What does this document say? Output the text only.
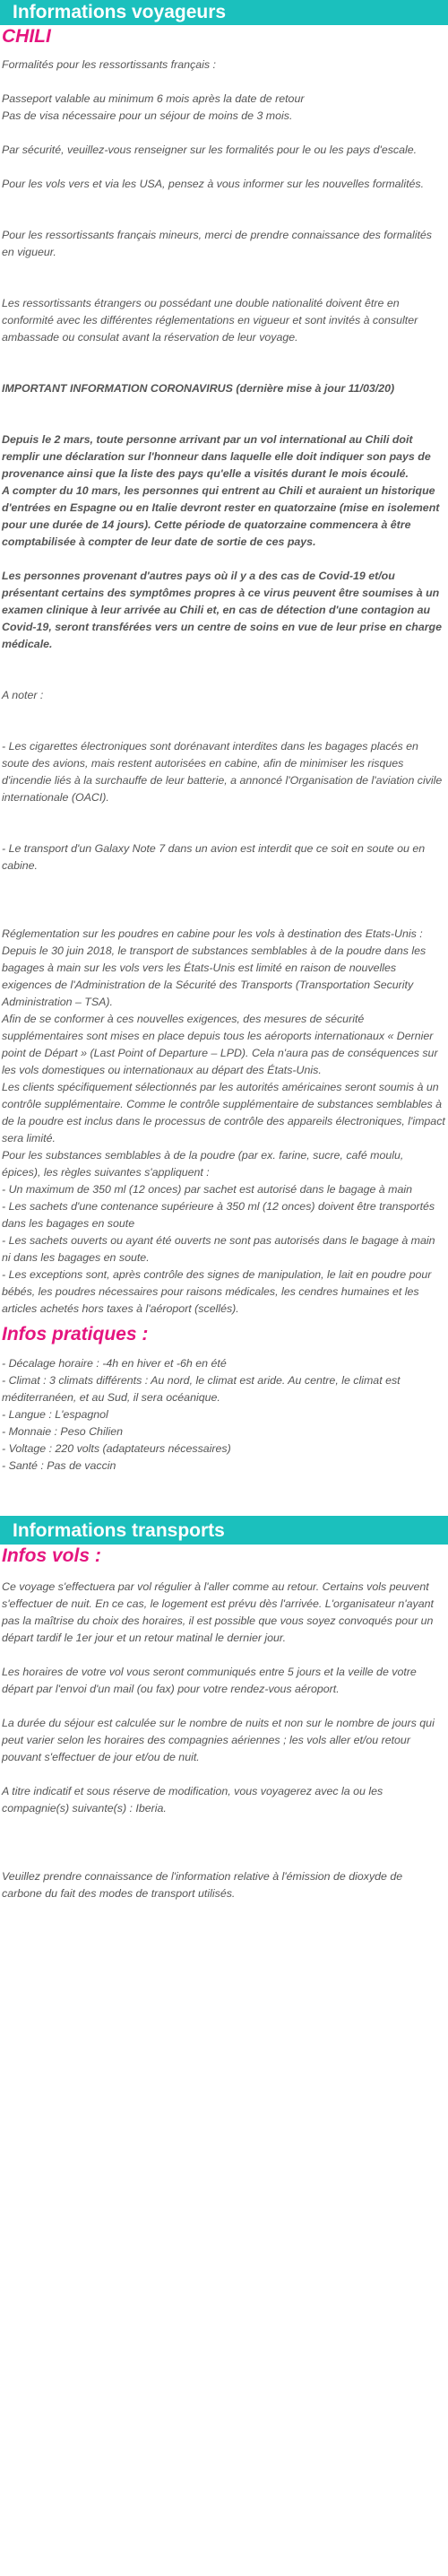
Informations voyageurs
CHILI

Formalités pour les ressortissants français :

Passeport valable au minimum 6 mois après la date de retour

Pas de visa nécessaire pour un séjour de moins de 3 mois.

Par sécurité, veuillez-vous renseigner sur les formalités pour le ou les pays d'escale.

Pour les vols vers et via les USA, pensez à vous informer sur les nouvelles formalités.

Pour les ressortissants français mineurs, merci de prendre connaissance des formalités en vigueur.

Les ressortissants étrangers ou possédant une double nationalité doivent être en conformité avec les différentes réglementations en vigueur et sont invités à consulter ambassade ou consulat avant la réservation de leur voyage.

IMPORTANT INFORMATION CORONAVIRUS (dernière mise à jour 11/03/20)

Depuis le 2 mars, toute personne arrivant par un vol international au Chili doit remplir une déclaration sur l'honneur dans laquelle elle doit indiquer son pays de provenance ainsi que la liste des pays qu'elle a visités durant le mois écoulé.

A compter du 10 mars, les personnes qui entrent au Chili et auraient un historique d'entrées en Espagne ou en Italie devront rester en quatorzaine (mise en isolement pour une durée de 14 jours). Cette période de quatorzaine commencera à être comptabilisée à compter de leur date de sortie de ces pays.

Les personnes provenant d'autres pays où il y a des cas de Covid-19 et/ou présentant certains des symptômes propres à ce virus peuvent être soumises à un examen clinique à leur arrivée au Chili et, en cas de détection d'une contagion au Covid-19, seront transférées vers un centre de soins en vue de leur prise en charge médicale.

A noter :

- Les cigarettes électroniques sont dorénavant interdites dans les bagages placés en soute des avions, mais restent autorisées en cabine, afin de minimiser les risques d'incendie liés à la surchauffe de leur batterie, a annoncé l'Organisation de l'aviation civile internationale (OACI).

- Le transport d'un Galaxy Note 7 dans un avion est interdit que ce soit en soute ou en cabine.

Réglementation sur les poudres en cabine pour les vols à destination des Etats-Unis :

Depuis le 30 juin 2018, le transport de substances semblables à de la poudre dans les bagages à main sur les vols vers les États-Unis est limité en raison de nouvelles exigences de l'Administration de la Sécurité des Transports (Transportation Security Administration – TSA).

Afin de se conformer à ces nouvelles exigences, des mesures de sécurité supplémentaires sont mises en place depuis tous les aéroports internationaux « Dernier point de Départ » (Last Point of Departure – LPD). Cela n'aura pas de conséquences sur les vols domestiques ou internationaux au départ des États-Unis.

Les clients spécifiquement sélectionnés par les autorités américaines seront soumis à un contrôle supplémentaire. Comme le contrôle supplémentaire de substances semblables à de la poudre est inclus dans le processus de contrôle des appareils électroniques, l'impact sera limité.

Pour les substances semblables à de la poudre (par ex. farine, sucre, café moulu, épices), les règles suivantes s'appliquent :

- Un maximum de 350 ml (12 onces) par sachet est autorisé dans le bagage à main

- Les sachets d'une contenance supérieure à 350 ml (12 onces) doivent être transportés dans les bagages en soute

- Les sachets ouverts ou ayant été ouverts ne sont pas autorisés dans le bagage à main ni dans les bagages en soute.

- Les exceptions sont, après contrôle des signes de manipulation, le lait en poudre pour bébés, les poudres nécessaires pour raisons médicales, les cendres humaines et les articles achetés hors taxes à l'aéroport (scellés).

Infos pratiques :

- Décalage horaire : -4h en hiver et -6h en été

- Climat : 3 climats différents : Au nord, le climat est aride. Au centre, le climat est méditerranéen, et au Sud, il sera océanique.

- Langue : L'espagnol

- Monnaie : Peso Chilien

- Voltage : 220 volts (adaptateurs nécessaires)

- Santé : Pas de vaccin

Informations transports
Infos vols :

Ce voyage s'effectuera par vol régulier à l'aller comme au retour. Certains vols peuvent s'effectuer de nuit. En ce cas, le logement est prévu dès l'arrivée. L'organisateur n'ayant pas la maîtrise du choix des horaires, il est possible que vous soyez convoqués pour un départ tardif le 1er jour et un retour matinal le dernier jour.

Les horaires de votre vol vous seront communiqués entre 5 jours et la veille de votre départ par l'envoi d'un mail (ou fax) pour votre rendez-vous aéroport.

La durée du séjour est calculée sur le nombre de nuits et non sur le nombre de jours qui peut varier selon les horaires des compagnies aériennes ; les vols aller et/ou retour pouvant s'effectuer de jour et/ou de nuit.

A titre indicatif et sous réserve de modification, vous voyagerez avec la ou les compagnie(s) suivante(s) : Iberia.

Veuillez prendre connaissance de l'information relative à l'émission de dioxyde de carbone du fait des modes de transport utilisés.
